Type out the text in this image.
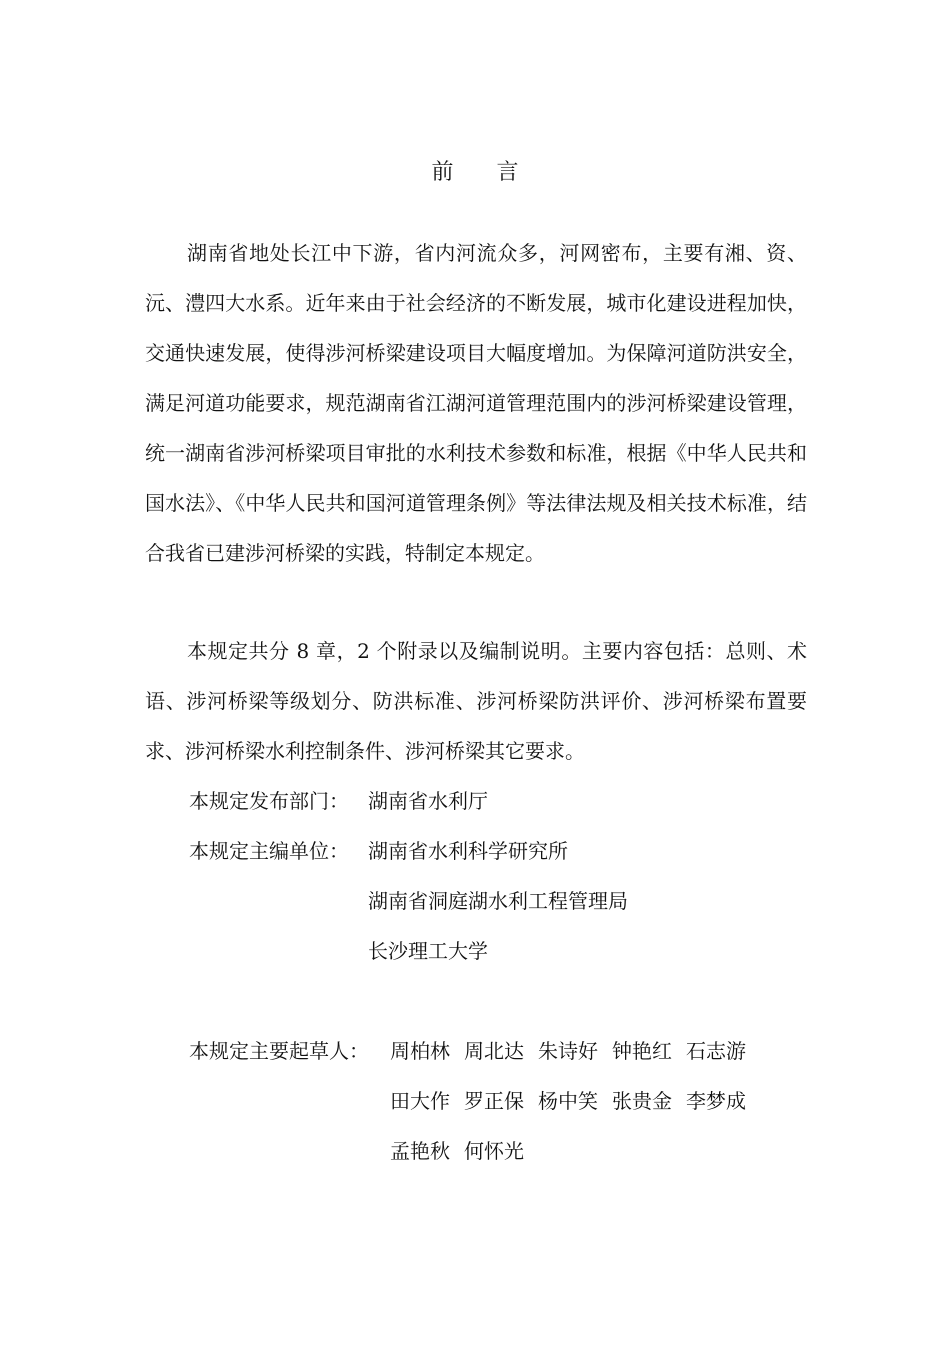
前 言

湖南省地处长江中下游，省内河流众多，河网密布，主要有湘、资、沅、澧四大水系。近年来由于社会经济的不断发展，城市化建设进程加快，交通快速发展，使得涉河桥梁建设项目大幅度增加。为保障河道防洪安全，满足河道功能要求，规范湖南省江湖河道管理范围内的涉河桥梁建设管理，统一湖南省涉河桥梁项目审批的水利技术参数和标准，根据《中华人民共和国水法》、《中华人民共和国河道管理条例》等法律法规及相关技术标准，结合我省已建涉河桥梁的实践，特制定本规定。

本规定共分 8 章，2 个附录以及编制说明。主要内容包括：总则、术语、涉河桥梁等级划分、防洪标准、涉河桥梁防洪评价、涉河桥梁布置要求、涉河桥梁水利控制条件、涉河桥梁其它要求。

本规定发布部门： 湖南省水利厅
本规定主编单位： 湖南省水利科学研究所
湖南省洞庭湖水利工程管理局
长沙理工大学
本规定主要起草人： 周柏林 周北达 朱诗好 钟艳红 石志游
田大作 罗正保 杨中笑 张贵金 李梦成
孟艳秋 何怀光
